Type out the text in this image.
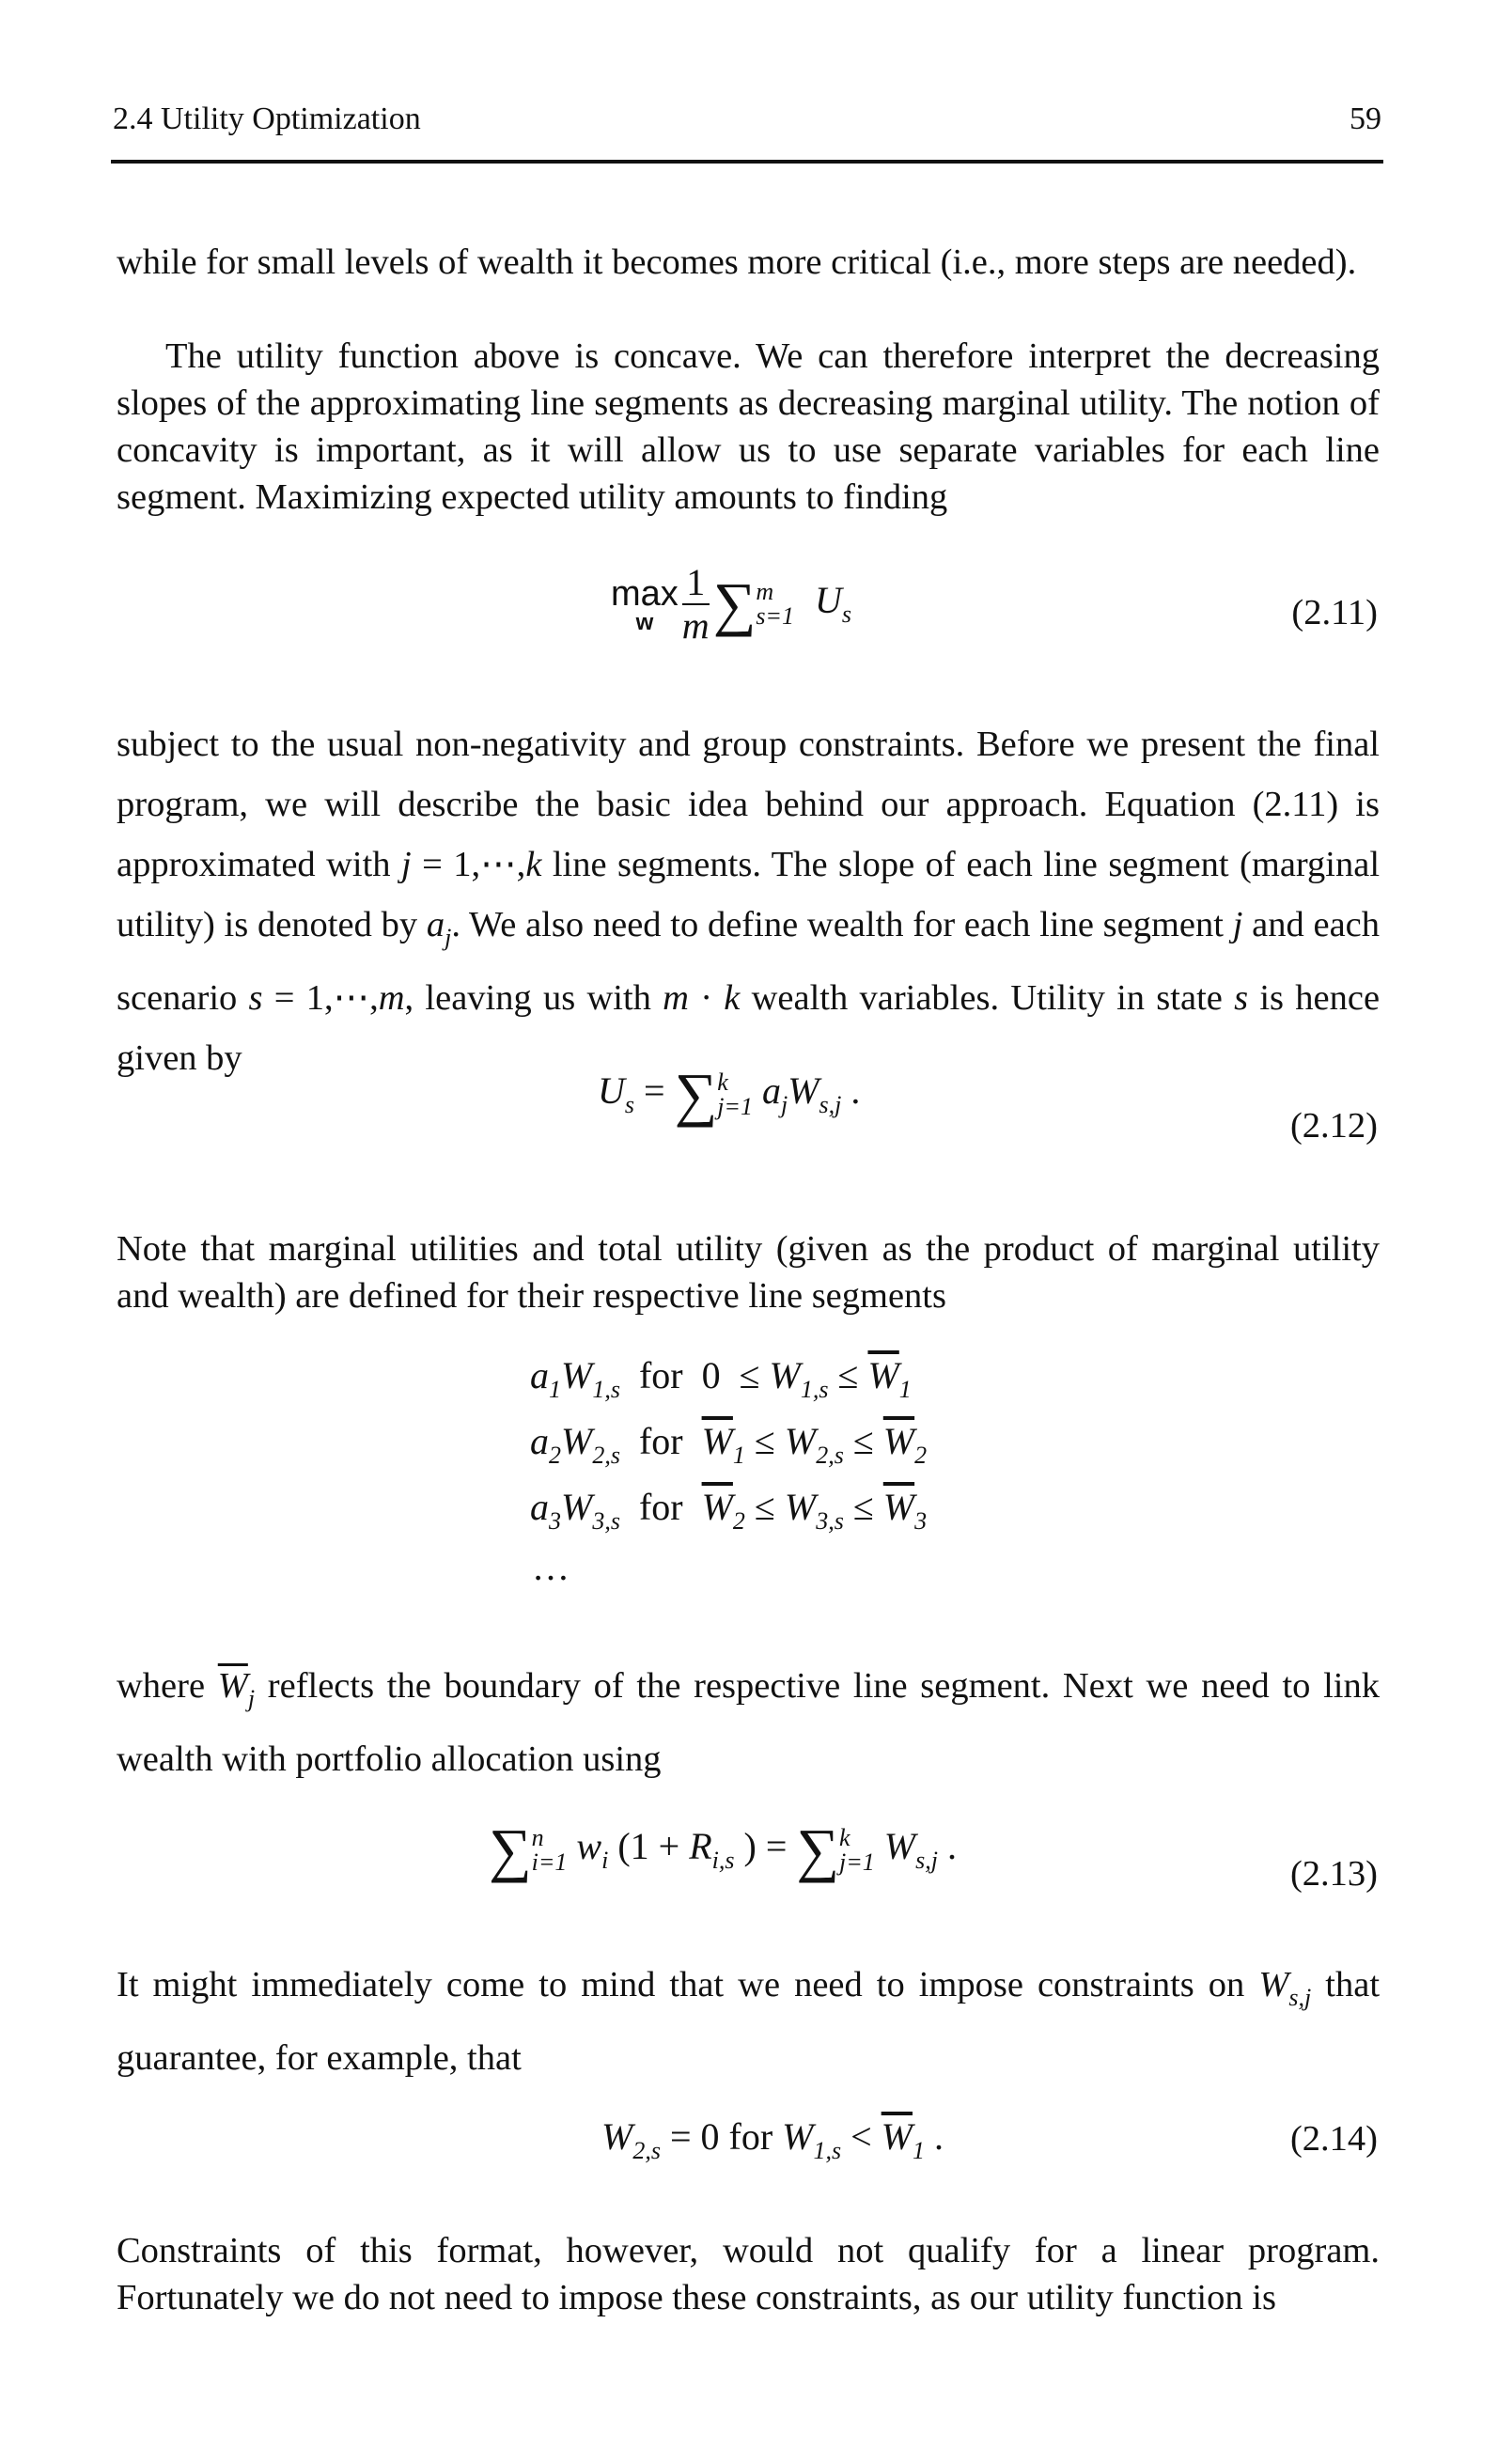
2.4 Utility Optimization	59
while for small levels of wealth it becomes more critical (i.e., more steps are needed).
The utility function above is concave. We can therefore interpret the decreasing slopes of the approximating line segments as decreasing marginal utility. The notion of concavity is important, as it will allow us to use separate variables for each line segment. Maximizing expected utility amounts to finding
max
w $\frac{1}{m}$ ∑ m
s=1 $U_s$	(2.11)
subject to the usual non-negativity and group constraints. Before we present the final program, we will describe the basic idea behind our approach. Equation (2.11) is approximated with j = 1,⋯,k line segments. The slope of each line segment (marginal utility) is denoted by $a_j$. We also need to define wealth for each line segment j and each scenario s = 1,⋯,m, leaving us with m · k wealth variables. Utility in state s is hence given by
$U_s$ = ∑ k
j=1 $a_jW_{s,j}$ .
(2.12)
Note that marginal utilities and total utility (given as the product of marginal utility and wealth) are defined for their respective line segments
$a_1W_{1,s}$ for  $0 \le W_{1,s} \le \overline{W}_1$
$a_2W_{2,s}$ for $\overline{W}_1 \le W_{2,s} \le \overline{W}_2$
$a_3W_{3,s}$ for $\overline{W}_2 \le W_{3,s} \le \overline{W}_3$
…
where $\overline{W}_j$ reflects the boundary of the respective line segment. Next we need to link wealth with portfolio allocation using
∑ n
i=1 $w_i$ ($1 + R_{i,s}$ ) = ∑ k
j=1 $W_{s,j}$ .
(2.13)
It might immediately come to mind that we need to impose constraints on $W_{s,j}$ that guarantee, for example, that
$W_{2,s} = 0$ for $W_{1,s} < \overline{W}_1$ .	(2.14)
Constraints of this format, however, would not qualify for a linear program. Fortunately we do not need to impose these constraints, as our utility function is
